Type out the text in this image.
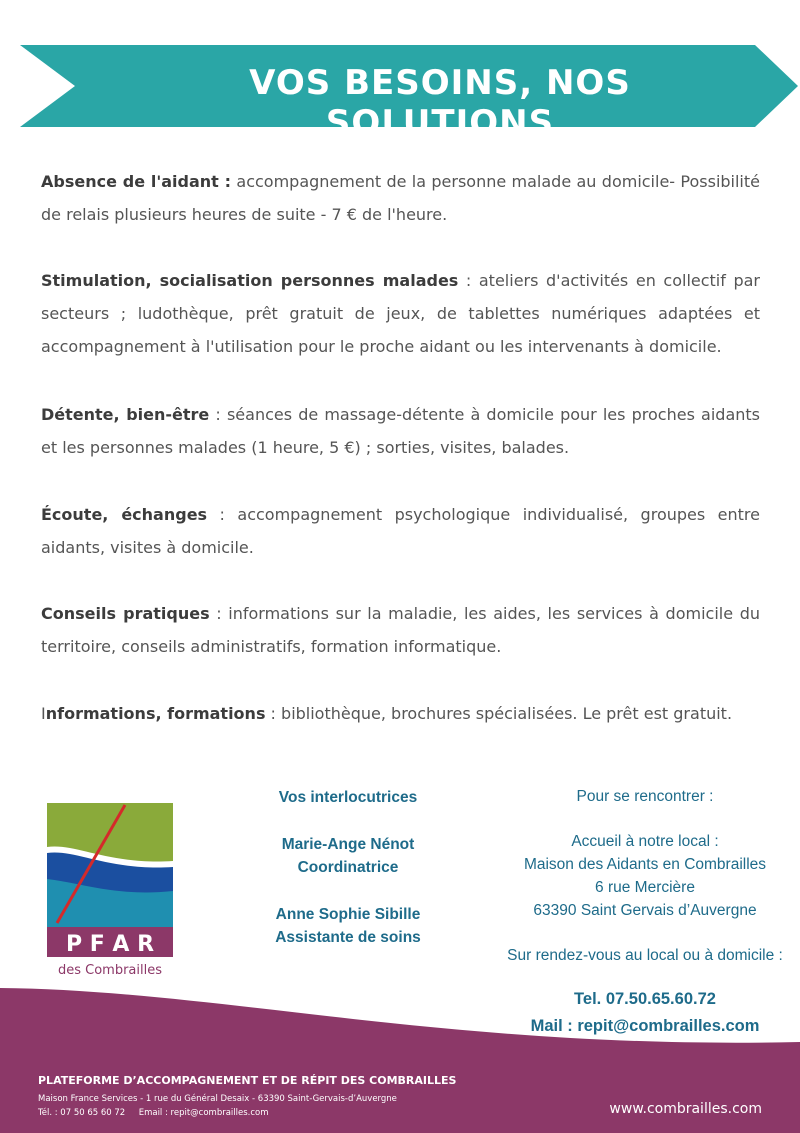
VOS BESOINS, NOS SOLUTIONS
Absence de l'aidant : accompagnement de la personne malade au domicile- Possibilité de relais plusieurs heures de suite - 7 € de l'heure.
Stimulation, socialisation personnes malades : ateliers d'activités en collectif par secteurs ; ludothèque, prêt gratuit de jeux, de tablettes numériques adaptées et accompagnement à l'utilisation pour le proche aidant ou les intervenants à domicile.
Détente, bien-être : séances de massage-détente à domicile pour les proches aidants et les personnes malades (1 heure, 5 €) ; sorties, visites, balades.
Écoute, échanges : accompagnement psychologique individualisé, groupes entre aidants, visites à domicile.
Conseils pratiques : informations sur la maladie, les aides, les services à domicile du territoire, conseils administratifs, formation informatique.
Informations, formations : bibliothèque, brochures spécialisées. Le prêt est gratuit.
P F A R
des Combrailles
Vos interlocutrices
Marie-Ange Nénot
Coordinatrice
Anne Sophie Sibille
Assistante de soins
Pour se rencontrer :
Accueil à notre local :
Maison des Aidants en Combrailles
6 rue Mercière
63390 Saint Gervais d’Auvergne
Sur rendez-vous au local ou à domicile :
Tel. 07.50.65.60.72
Mail : repit@combrailles.com
PLATEFORME D’ACCOMPAGNEMENT ET DE RÉPIT DES COMBRAILLES
Maison France Services - 1 rue du Général Desaix - 63390 Saint-Gervais-d’Auvergne
Tél. : 07 50 65 60 72     Email : repit@combrailles.com	www.combrailles.com
